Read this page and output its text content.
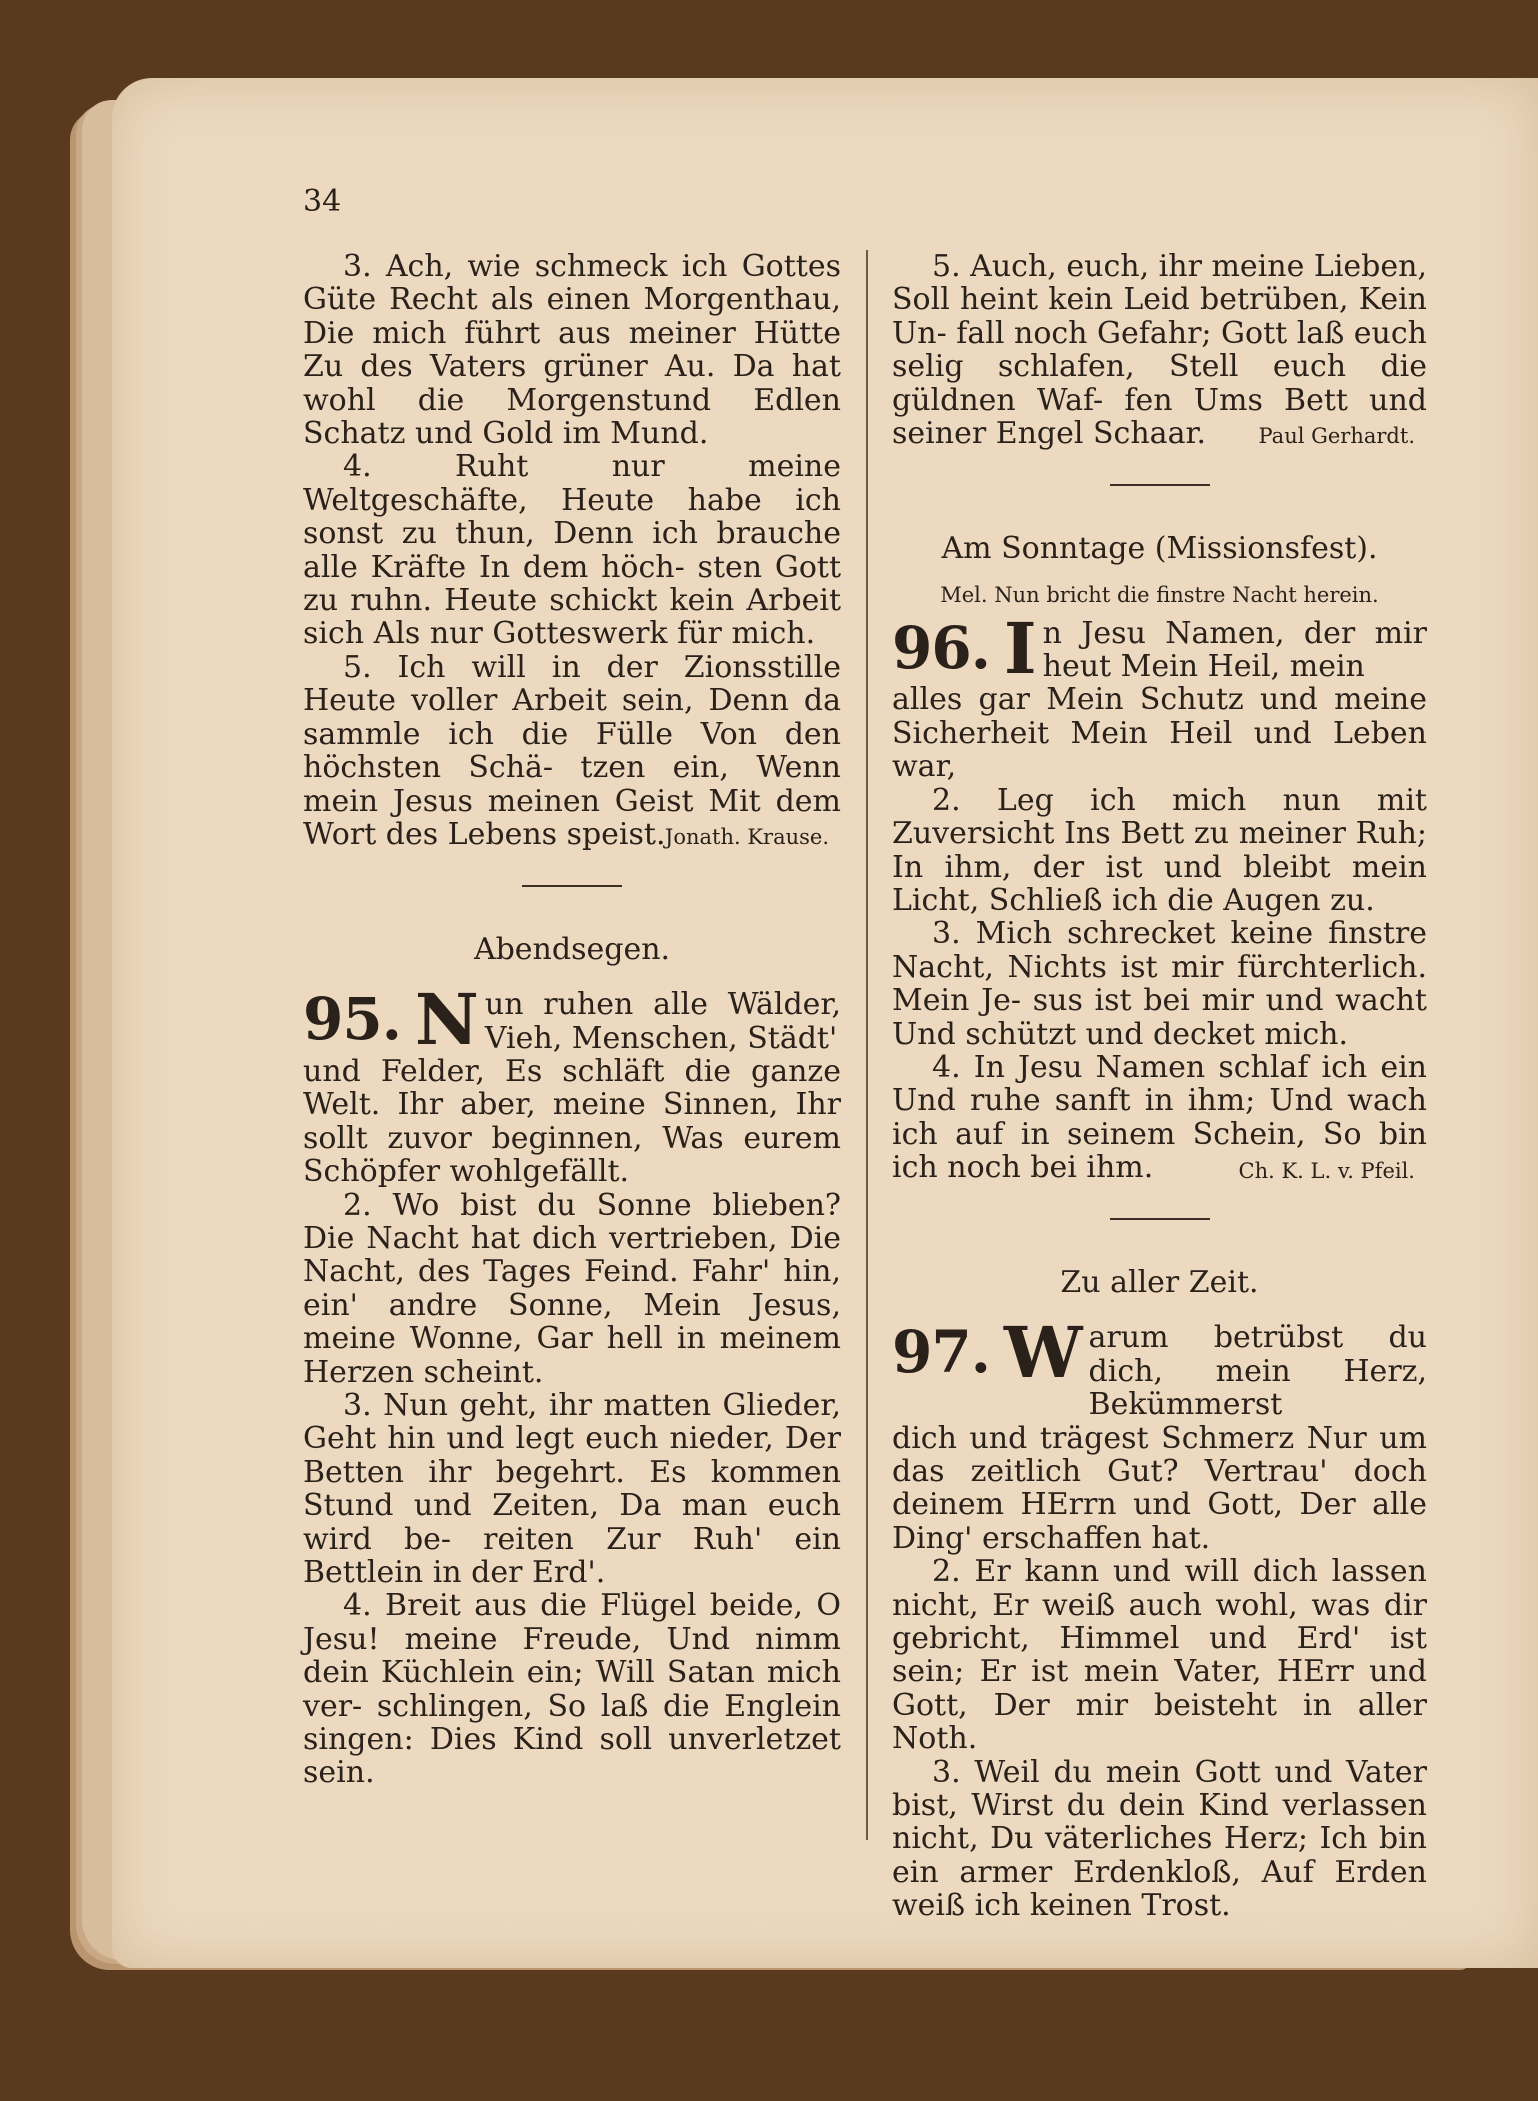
34

3. Ach, wie schmeck ich Gottes Güte Recht als einen Morgenthau, Die mich führt aus meiner Hütte Zu des Vaters grüner Au. Da hat wohl die Morgenstund Edlen Schatz und Gold im Mund.

4. Ruht nur meine Weltgeschäfte, Heute habe ich sonst zu thun, Denn ich brauche alle Kräfte In dem höch- sten Gott zu ruhn. Heute schickt kein Arbeit sich Als nur Gotteswerk für mich.

5. Ich will in der Zionsstille Heute voller Arbeit sein, Denn da sammle ich die Fülle Von den höchsten Schä- tzen ein, Wenn mein Jesus meinen Geist Mit dem Wort des Lebens speist. Jonath. Krause.

Abendsegen.

95. N un ruhen alle Wälder, Vieh, Menschen, Städt'

und Felder, Es schläft die ganze Welt. Ihr aber, meine Sinnen, Ihr sollt zuvor beginnen, Was eurem Schöpfer wohlgefällt.

2. Wo bist du Sonne blieben? Die Nacht hat dich vertrieben, Die Nacht, des Tages Feind. Fahr' hin, ein' andre Sonne, Mein Jesus, meine Wonne, Gar hell in meinem Herzen scheint.

3. Nun geht, ihr matten Glieder, Geht hin und legt euch nieder, Der Betten ihr begehrt. Es kommen Stund und Zeiten, Da man euch wird be- reiten Zur Ruh' ein Bettlein in der Erd'.

4. Breit aus die Flügel beide, O Jesu! meine Freude, Und nimm dein Küchlein ein; Will Satan mich ver- schlingen, So laß die Englein singen: Dies Kind soll unverletzet sein.

5. Auch, euch, ihr meine Lieben, Soll heint kein Leid betrüben, Kein Un- fall noch Gefahr; Gott laß euch selig schlafen, Stell euch die güldnen Waf- fen Ums Bett und seiner Engel Schaar.	Paul Gerhardt.

Am Sonntage (Missionsfest).

Mel. Nun bricht die finstre Nacht herein.

96. I n Jesu Namen, der mir heut Mein Heil, mein

alles gar Mein Schutz und meine Sicherheit Mein Heil und Leben war,

2. Leg ich mich nun mit Zuversicht Ins Bett zu meiner Ruh; In ihm, der ist und bleibt mein Licht, Schließ ich die Augen zu.

3. Mich schrecket keine finstre Nacht, Nichts ist mir fürchterlich. Mein Je- sus ist bei mir und wacht Und schützt und decket mich.

4. In Jesu Namen schlaf ich ein Und ruhe sanft in ihm; Und wach ich auf in seinem Schein, So bin ich noch bei ihm.	Ch. K. L. v. Pfeil.

Zu aller Zeit.

97. W arum betrübst du dich, mein Herz, Bekümmerst

dich und trägest Schmerz Nur um das zeitlich Gut? Vertrau' doch deinem HErrn und Gott, Der alle Ding' erschaffen hat.

2. Er kann und will dich lassen nicht, Er weiß auch wohl, was dir gebricht, Himmel und Erd' ist sein; Er ist mein Vater, HErr und Gott, Der mir beisteht in aller Noth.

3. Weil du mein Gott und Vater bist, Wirst du dein Kind verlassen nicht, Du väterliches Herz; Ich bin ein armer Erdenkloß, Auf Erden weiß ich keinen Trost.
